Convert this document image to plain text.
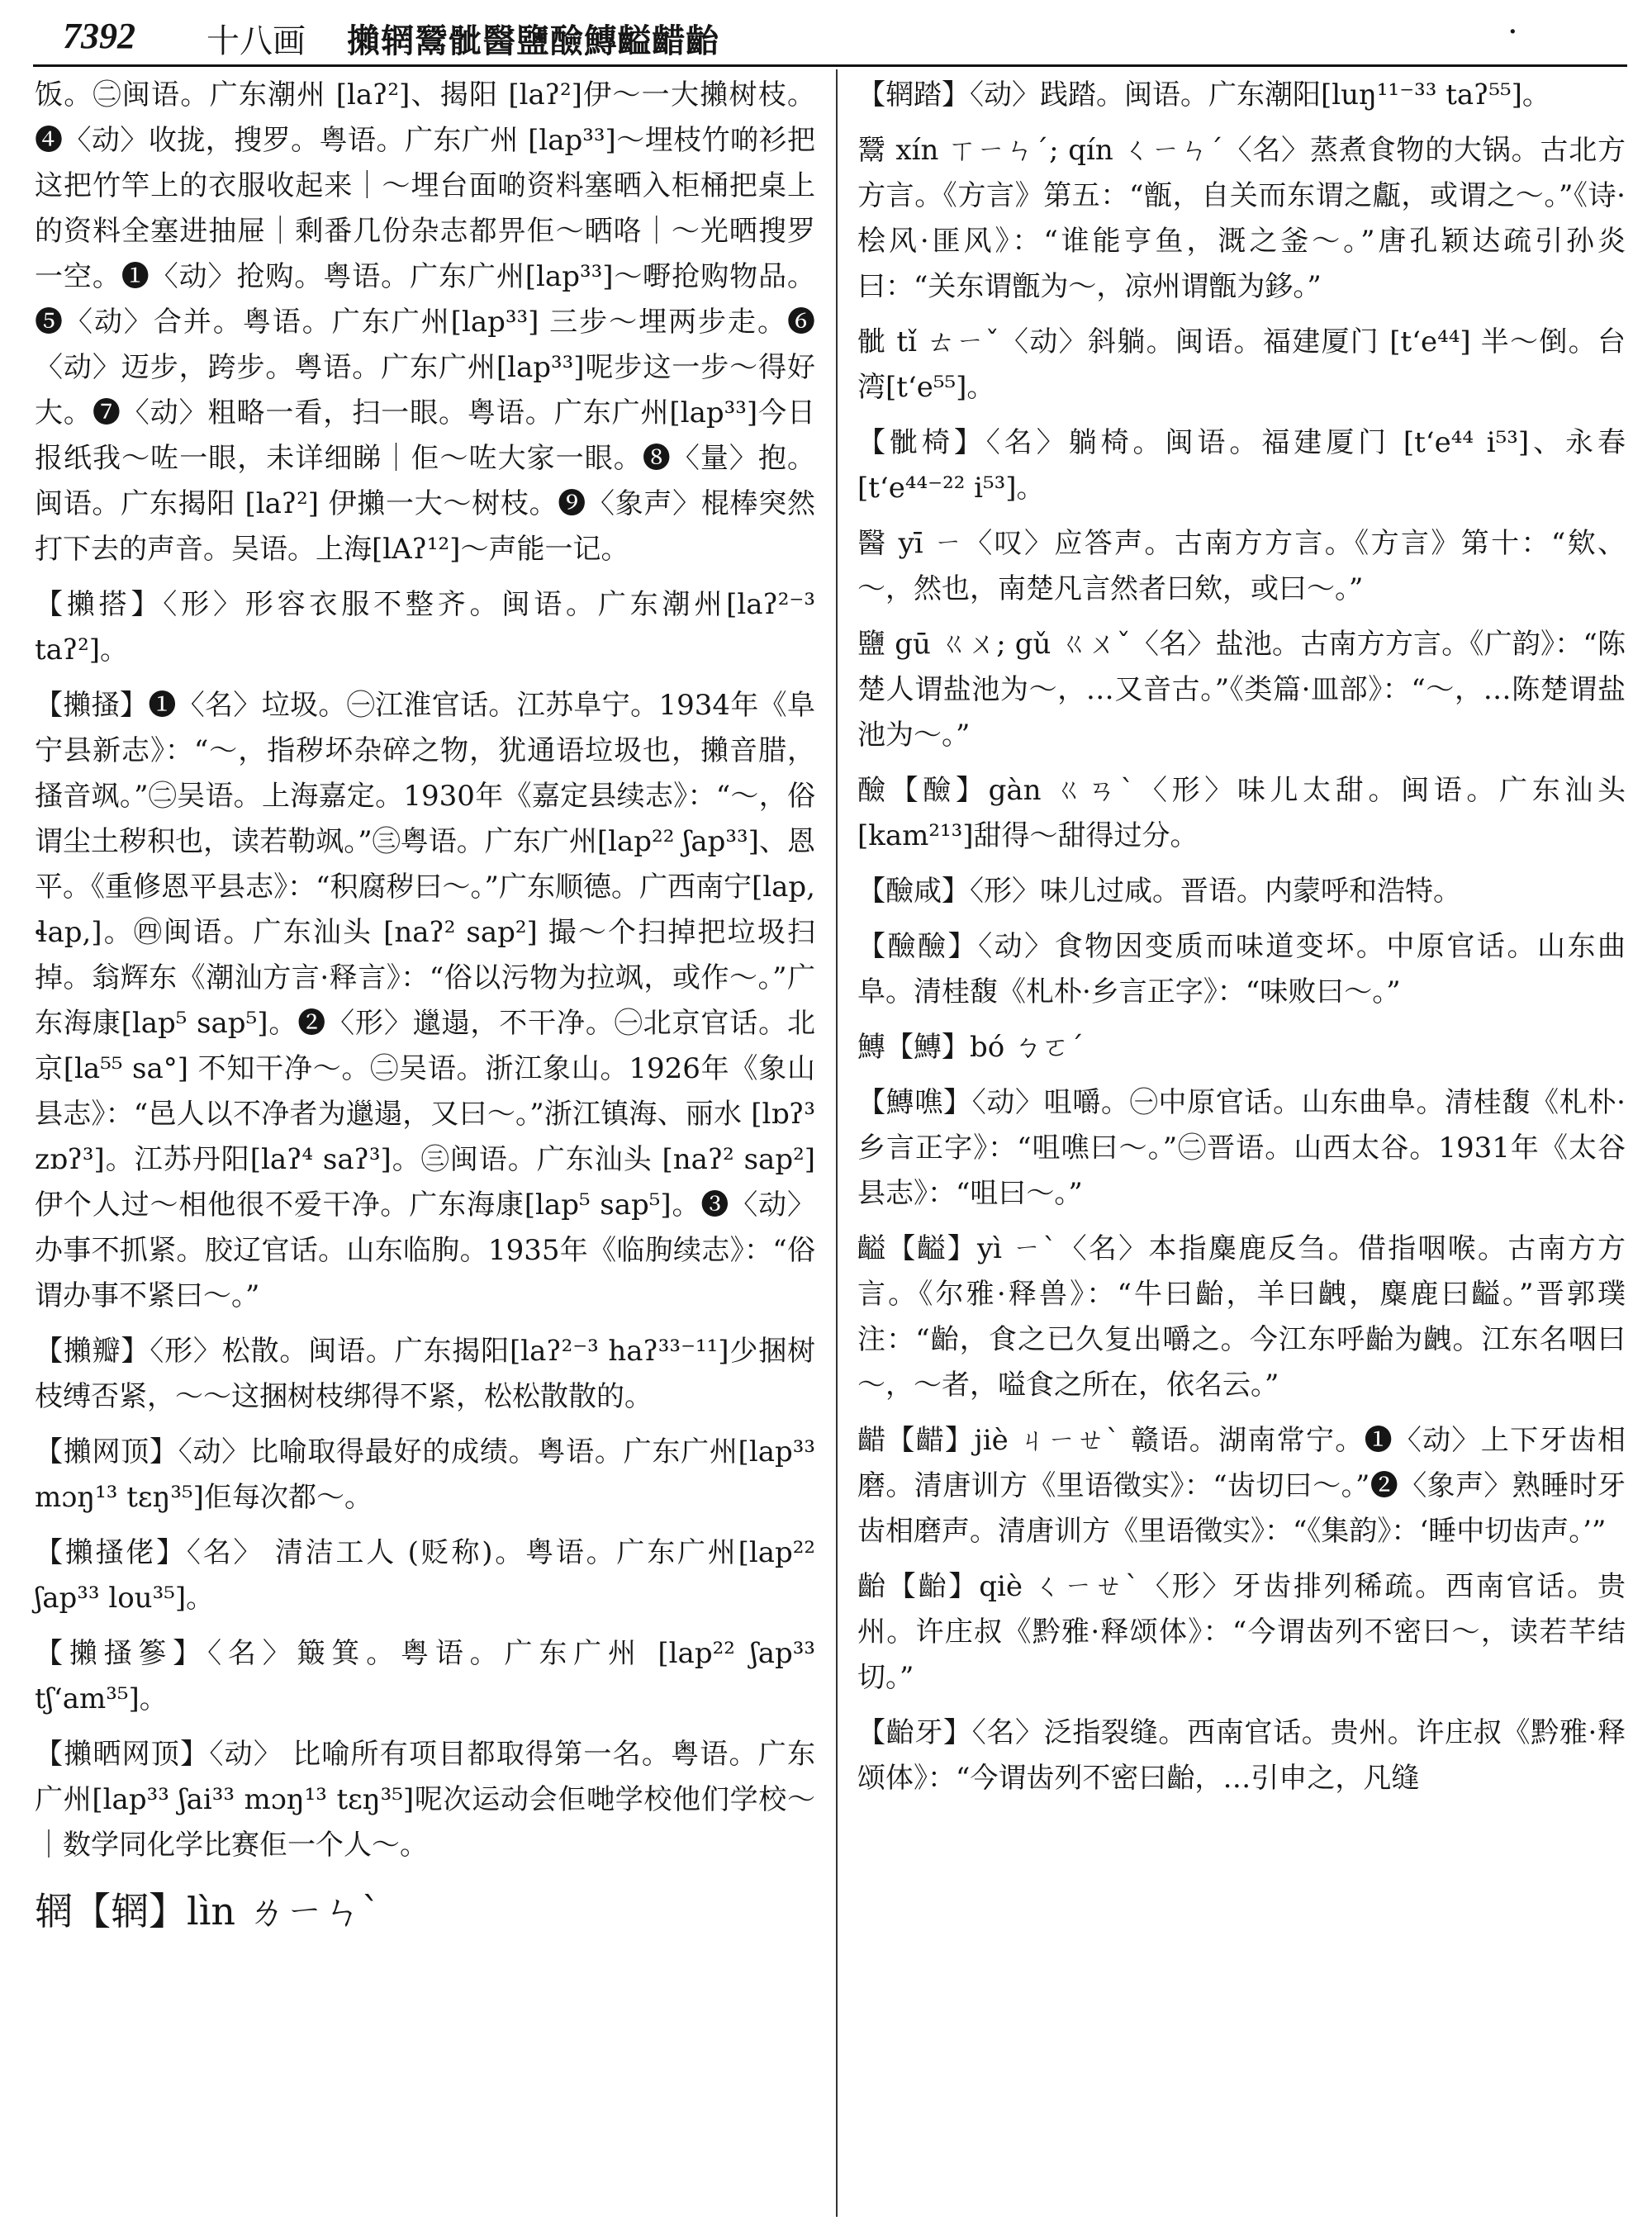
7392 十八画 攋辋鬵骴醫鹽醶鱄齸齰齝	·

饭。㊁闽语。广东潮州 [laʔ²]、揭阳 [laʔ²]伊～一大攋树枝。❹〈动〉收拢，搜罗。粤语。广东广州 [lap³³]～埋枝竹啲衫把这把竹竿上的衣服收起来｜～埋台面啲资料塞晒入柜桶把桌上的资料全塞进抽屉｜剩番几份杂志都畀佢～晒咯｜～光晒搜罗一空。❶〈动〉抢购。粤语。广东广州[lap³³]～嘢抢购物品。❺〈动〉合并。粤语。广东广州[lap³³] 三步～埋两步走。❻〈动〉迈步，跨步。粤语。广东广州[lap³³]呢步这一步～得好大。❼〈动〉粗略一看，扫一眼。粤语。广东广州[lap³³]今日报纸我～咗一眼，未详细睇｜佢～咗大家一眼。❽〈量〉抱。闽语。广东揭阳 [laʔ²] 伊攋一大～树枝。❾〈象声〉棍棒突然打下去的声音。吴语。上海[lAʔ¹²]～声能一记。

【攋搭】〈形〉形容衣服不整齐。闽语。广东潮州[laʔ²⁻³ taʔ²]。

【攋搔】❶〈名〉垃圾。㊀江淮官话。江苏阜宁。1934年《阜宁县新志》：“～，指秽坏杂碎之物，犹通语垃圾也，攋音腊，搔音飒。”㊁吴语。上海嘉定。1930年《嘉定县续志》：“～，俗谓尘土秽积也，读若勒飒。”㊂粤语。广东广州[lap²² ʃap³³]、恩平。《重修恩平县志》：“积腐秽曰～。”广东顺德。广西南宁[lap, ɬap,]。㊃闽语。广东汕头 [naʔ² sap²] 撮～个扫掉把垃圾扫掉。翁辉东《潮汕方言·释言》：“俗以污物为拉飒，或作～。”广东海康[lap⁵ sap⁵]。❷〈形〉邋遢，不干净。㊀北京官话。北京[la⁵⁵ sa°] 不知干净～。㊁吴语。浙江象山。1926年《象山县志》：“邑人以不净者为邋遢，又曰～。”浙江镇海、丽水 [lɒʔ³ zɒʔ³]。江苏丹阳[laʔ⁴ saʔ³]。㊂闽语。广东汕头 [naʔ² sap²] 伊个人过～相他很不爱干净。广东海康[lap⁵ sap⁵]。❸〈动〉办事不抓紧。胶辽官话。山东临朐。1935年《临朐续志》：“俗谓办事不紧曰～。”

【攋瓣】〈形〉松散。闽语。广东揭阳[laʔ²⁻³ haʔ³³⁻¹¹]少捆树枝缚否紧，～～这捆树枝绑得不紧，松松散散的。

【攋网顶】〈动〉比喻取得最好的成绩。粤语。广东广州[lap³³ mɔŋ¹³ tɛŋ³⁵]佢每次都～。

【攋搔佬】〈名〉 清洁工人 (贬称)。粤语。广东广州[lap²² ʃap³³ lou³⁵]。

【攋搔篸】〈名〉簸箕。粤语。广东广州 [lap²² ʃap³³ tʃʻam³⁵]。

【攋晒网顶】〈动〉 比喻所有项目都取得第一名。粤语。广东广州[lap³³ ʃai³³ mɔŋ¹³ tɛŋ³⁵]呢次运动会佢哋学校他们学校～｜数学同化学比赛佢一个人～。

辋【辋】lìn ㄌㄧㄣˋ

【辋踏】〈动〉践踏。闽语。广东潮阳[luŋ¹¹⁻³³ taʔ⁵⁵]。

鬵 xín ㄒㄧㄣˊ; qín ㄑㄧㄣˊ〈名〉蒸煮食物的大锅。古北方方言。《方言》第五：“甑，自关而东谓之甗，或谓之～。”《诗·桧风·匪风》：“谁能亨鱼，溉之釜～。”唐孔颖达疏引孙炎曰：“关东谓甑为～，凉州谓甑为鉹。”

骴 tǐ ㄊㄧˇ〈动〉斜躺。闽语。福建厦门 [tʻe⁴⁴] 半～倒。台湾[tʻe⁵⁵]。

【骴椅】〈名〉躺椅。闽语。福建厦门 [tʻe⁴⁴ i⁵³]、永春[tʻe⁴⁴⁻²² i⁵³]。

醫 yī ㄧ〈叹〉应答声。古南方方言。《方言》第十：“欸、～，然也，南楚凡言然者曰欸，或曰～。”

鹽 gū ㄍㄨ; gǔ ㄍㄨˇ〈名〉盐池。古南方方言。《广韵》：“陈楚人谓盐池为～，…又音古。”《类篇·皿部》：“～，…陈楚谓盐池为～。”

醶【醶】gàn ㄍㄢˋ〈形〉味儿太甜。闽语。广东汕头 [kam²¹³]甜得～甜得过分。

【醶咸】〈形〉味儿过咸。晋语。内蒙呼和浩特。

【醶醶】〈动〉食物因变质而味道变坏。中原官话。山东曲阜。清桂馥《札朴·乡言正字》：“味败曰～。”

鱄【鱄】bó ㄅㄛˊ

【鱄噍】〈动〉咀嚼。㊀中原官话。山东曲阜。清桂馥《札朴·乡言正字》：“咀噍曰～。”㊁晋语。山西太谷。1931年《太谷县志》：“咀曰～。”

齸【齸】yì ㄧˋ〈名〉本指麋鹿反刍。借指咽喉。古南方方言。《尔雅·释兽》：“牛曰齝，羊曰齥，麋鹿曰齸。”晋郭璞注：“齝，食之已久复出嚼之。今江东呼齝为齥。江东名咽曰～，～者，嗌食之所在，依名云。”

齰【齰】jiè ㄐㄧㄝˋ 赣语。湖南常宁。❶〈动〉上下牙齿相磨。清唐训方《里语徵实》：“齿切曰～。”❷〈象声〉熟睡时牙齿相磨声。清唐训方《里语徵实》：“《集韵》：‘睡中切齿声。’”

齝【齝】qiè ㄑㄧㄝˋ〈形〉牙齿排列稀疏。西南官话。贵州。许庄叔《黔雅·释颂体》：“今谓齿列不密曰～，读若芊结切。”

【齝牙】〈名〉泛指裂缝。西南官话。贵州。许庄叔《黔雅·释颂体》：“今谓齿列不密曰齝，…引申之，凡缝
